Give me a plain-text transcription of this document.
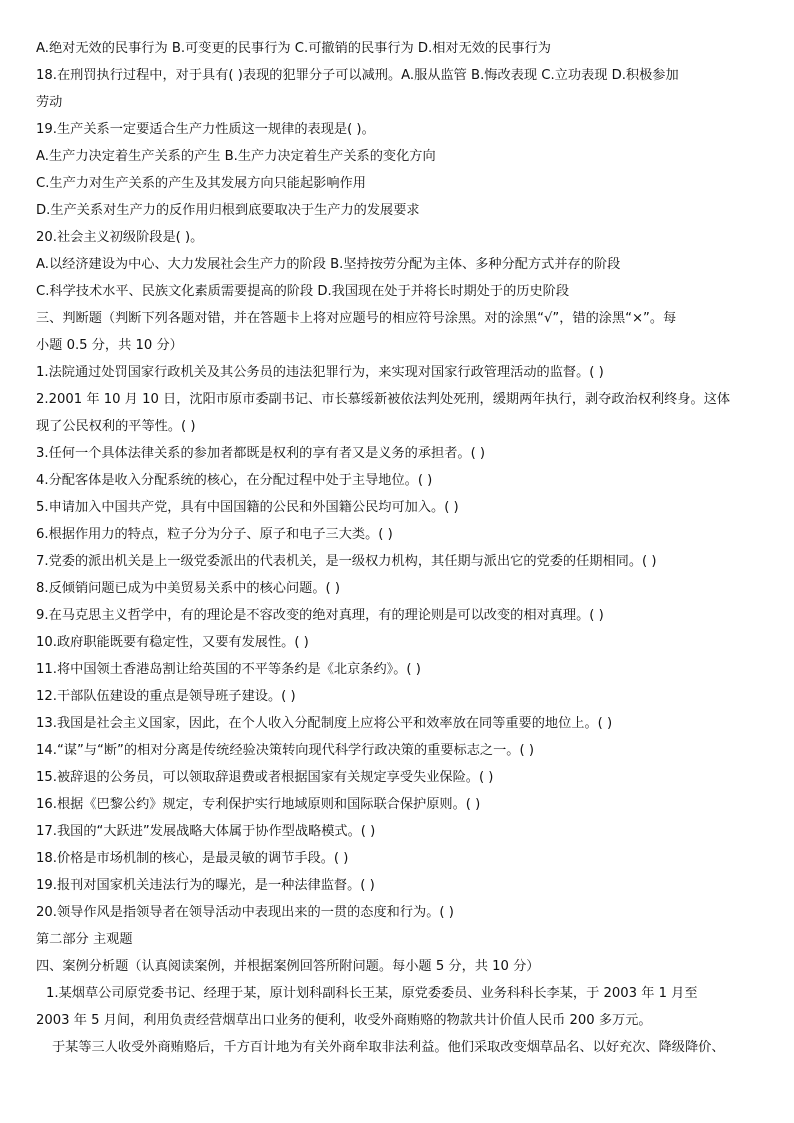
A.绝对无效的民事行为 B.可变更的民事行为 C.可撤销的民事行为 D.相对无效的民事行为

18.在刑罚执行过程中，对于具有( )表现的犯罪分子可以减刑。A.服从监管 B.悔改表现 C.立功表现 D.积极参加

劳动

19.生产关系一定要适合生产力性质这一规律的表现是( )。

A.生产力决定着生产关系的产生 B.生产力决定着生产关系的变化方向

C.生产力对生产关系的产生及其发展方向只能起影响作用

D.生产关系对生产力的反作用归根到底要取决于生产力的发展要求

20.社会主义初级阶段是( )。

A.以经济建设为中心、大力发展社会生产力的阶段 B.坚持按劳分配为主体、多种分配方式并存的阶段

C.科学技术水平、民族文化素质需要提高的阶段 D.我国现在处于并将长时期处于的历史阶段

三、判断题（判断下列各题对错，并在答题卡上将对应题号的相应符号涂黑。对的涂黑“√”，错的涂黑“×”。每

小题 0.5 分，共 10 分）

1.法院通过处罚国家行政机关及其公务员的违法犯罪行为，来实现对国家行政管理活动的监督。( )

2.2001 年 10 月 10 日，沈阳市原市委副书记、市长慕绥新被依法判处死刑，缓期两年执行，剥夺政治权利终身。这体

现了公民权利的平等性。( )

3.任何一个具体法律关系的参加者都既是权利的享有者又是义务的承担者。( )

4.分配客体是收入分配系统的核心，在分配过程中处于主导地位。( )

5.申请加入中国共产党，具有中国国籍的公民和外国籍公民均可加入。( )

6.根据作用力的特点，粒子分为分子、原子和电子三大类。( )

7.党委的派出机关是上一级党委派出的代表机关，是一级权力机构，其任期与派出它的党委的任期相同。( )

8.反倾销问题已成为中美贸易关系中的核心问题。( )

9.在马克思主义哲学中，有的理论是不容改变的绝对真理，有的理论则是可以改变的相对真理。( )

10.政府职能既要有稳定性，又要有发展性。( )

11.将中国领土香港岛割让给英国的不平等条约是《北京条约》。( )

12.干部队伍建设的重点是领导班子建设。( )

13.我国是社会主义国家，因此，在个人收入分配制度上应将公平和效率放在同等重要的地位上。( )

14.“谋”与“断”的相对分离是传统经验决策转向现代科学行政决策的重要标志之一。( )

15.被辞退的公务员，可以领取辞退费或者根据国家有关规定享受失业保险。( )

16.根据《巴黎公约》规定，专利保护实行地域原则和国际联合保护原则。( )

17.我国的“大跃进”发展战略大体属于协作型战略模式。( )

18.价格是市场机制的核心，是最灵敏的调节手段。( )

19.报刊对国家机关违法行为的曝光，是一种法律监督。( )

20.领导作风是指领导者在领导活动中表现出来的一贯的态度和行为。( )

第二部分 主观题

四、案例分析题（认真阅读案例，并根据案例回答所附问题。每小题 5 分，共 10 分）

1.某烟草公司原党委书记、经理于某，原计划科副科长王某，原党委委员、业务科科长李某，于 2003 年 1 月至

2003 年 5 月间，利用负责经营烟草出口业务的便利，收受外商贿赂的物款共计价值人民币 200 多万元。

于某等三人收受外商贿赂后，千方百计地为有关外商牟取非法利益。他们采取改变烟草品名、以好充次、降级降价、
